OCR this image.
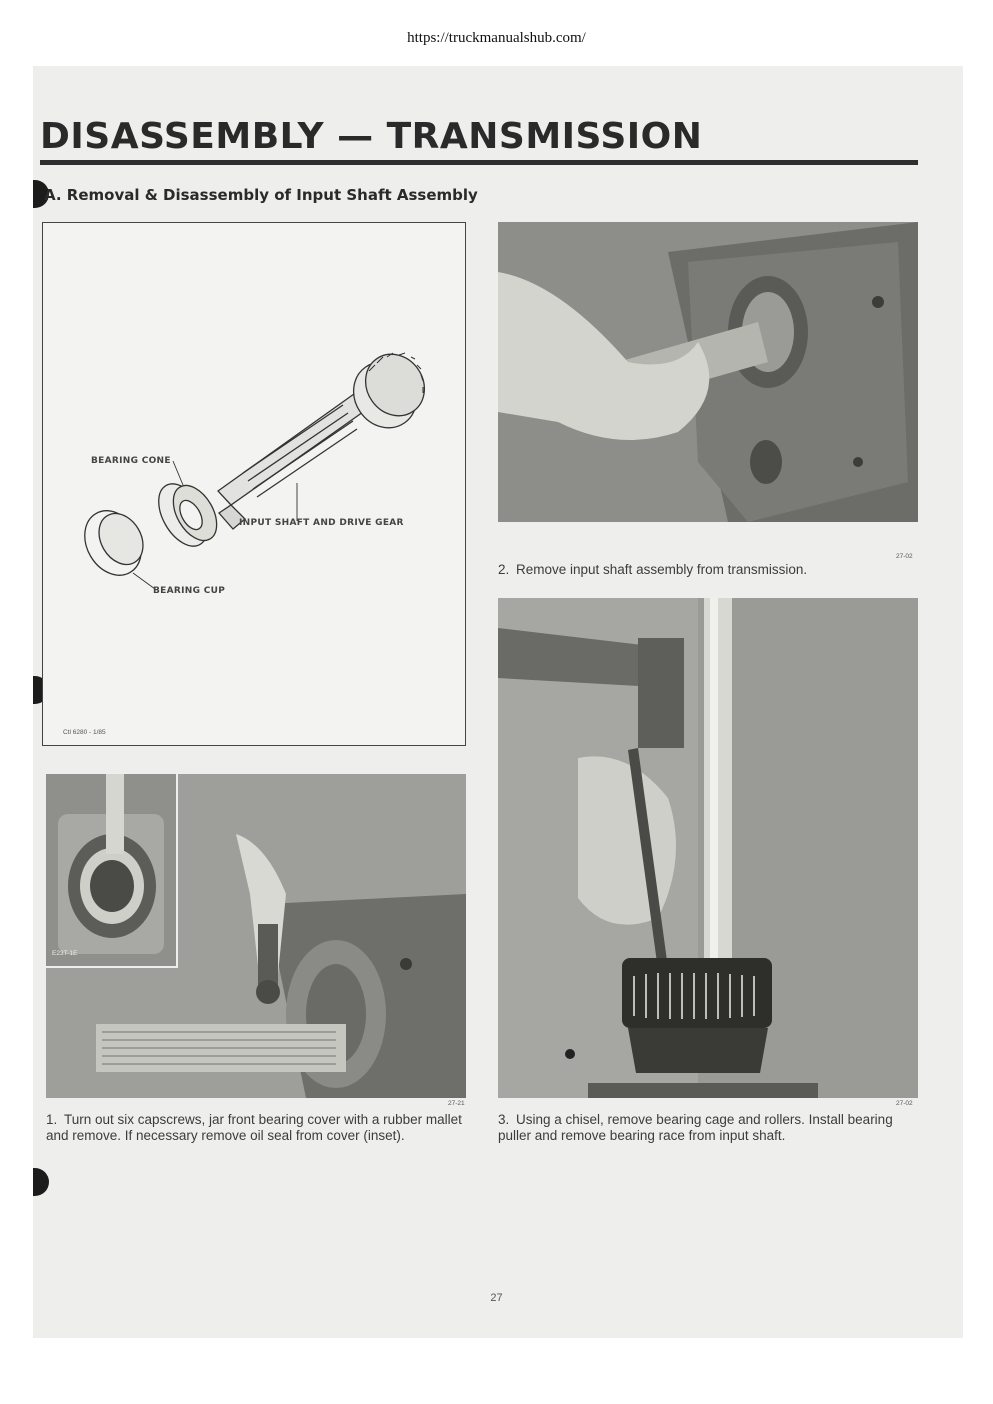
https://truckmanualshub.com/
DISASSEMBLY — TRANSMISSION
A. Removal & Disassembly of Input Shaft Assembly
BEARING CONE
INPUT SHAFT AND DRIVE GEAR
BEARING CUP
Ctl 6280 - 1/85
27-02

2. Remove input shaft assembly from transmission.

27-02

3. Using a chisel, remove bearing cage and rollers. Install bearing puller and remove bearing race from input shaft.

E23T-1E
27-21

1. Turn out six capscrews, jar front bearing cover with a rubber mallet and remove. If necessary remove oil seal from cover (inset).

27
